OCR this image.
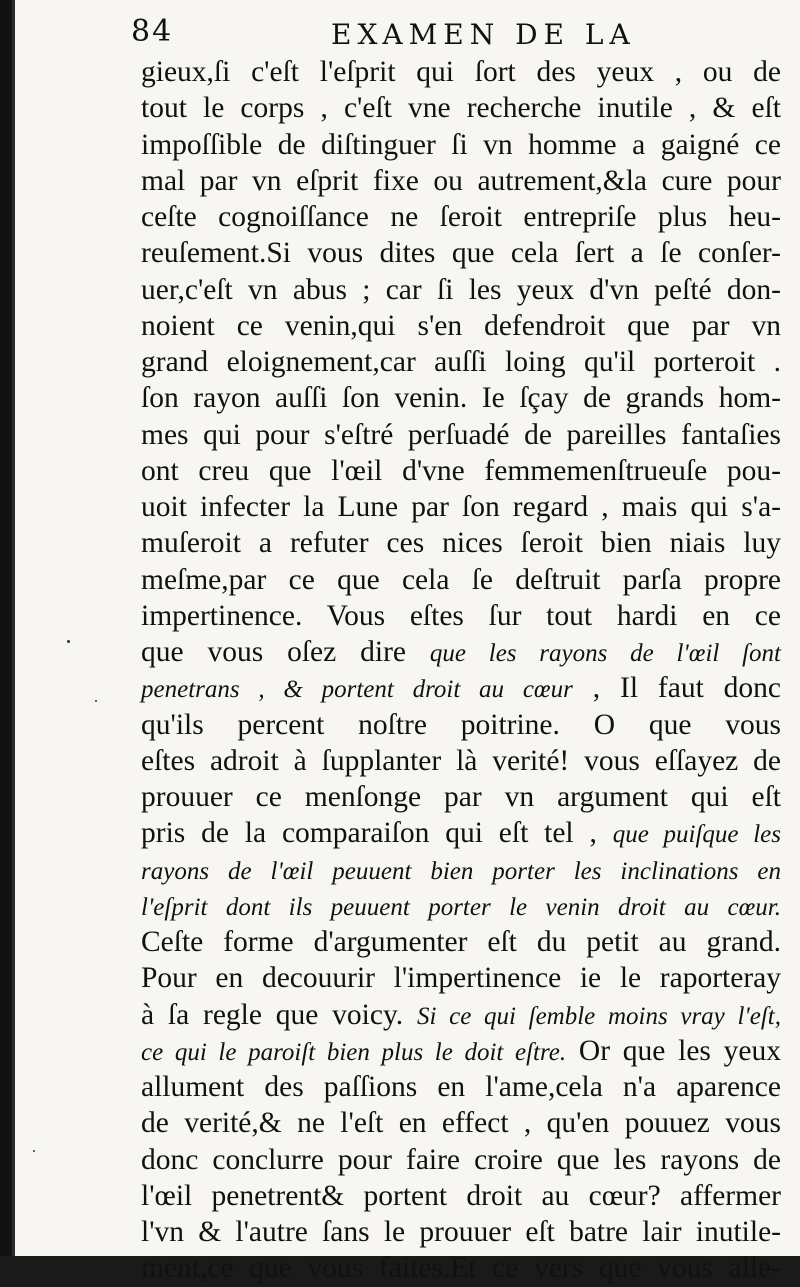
84	EXAMEN DE LA
gieux,ſi c'eſt l'eſprit qui ſort des yeux , ou de
tout le corps , c'eſt vne recherche inutile , & eſt
impoſſible de diſtinguer ſi vn homme a gaigné ce
mal par vn eſprit fixe ou autrement,&la cure pour
ceſte cognoiſſance ne ſeroit entrepriſe plus heu-
reuſement.Si vous dites que cela ſert a ſe conſer-
uer,c'eſt vn abus ; car ſi les yeux d'vn peſté don-
noient ce venin,qui s'en defendroit que par vn
grand eloignement,car auſſi loing qu'il porteroit .
ſon rayon auſſi ſon venin. Ie ſçay de grands hom-
mes qui pour s'eſtré perſuadé de pareilles fantaſies
ont creu que l'œil d'vne femmemenſtrueuſe pou-
uoit infecter la Lune par ſon regard , mais qui s'a-
muſeroit a refuter ces nices ſeroit bien niais luy
meſme,par ce que cela ſe deſtruit parſa propre
impertinence. Vous eſtes ſur tout hardi en ce
que vous oſez dire que les rayons de l'œil ſont
penetrans , & portent droit au cœur , Il faut donc
qu'ils percent noſtre poitrine. O que vous
eſtes adroit à ſupplanter là verité! vous eſſayez de
prouuer ce menſonge par vn argument qui eſt
pris de la comparaiſon qui eſt tel , que puiſque les
rayons de l'œil peuuent bien porter les inclinations en
l'eſprit dont ils peuuent porter le venin droit au cœur.
Ceſte forme d'argumenter eſt du petit au grand.
Pour en decouurir l'impertinence ie le raporteray
à ſa regle que voicy. Si ce qui ſemble moins vray l'eſt,
ce qui le paroiſt bien plus le doit eſtre. Or que les yeux
allument des paſſions en l'ame,cela n'a aparence
de verité,& ne l'eſt en effect , qu'en pouuez vous
donc conclurre pour faire croire que les rayons de
l'œil penetrent& portent droit au cœur? affermer
l'vn & l'autre ſans le prouuer eſt batre lair inutile-
ment,ce que vous faites.Et ce vers que vous alle-
